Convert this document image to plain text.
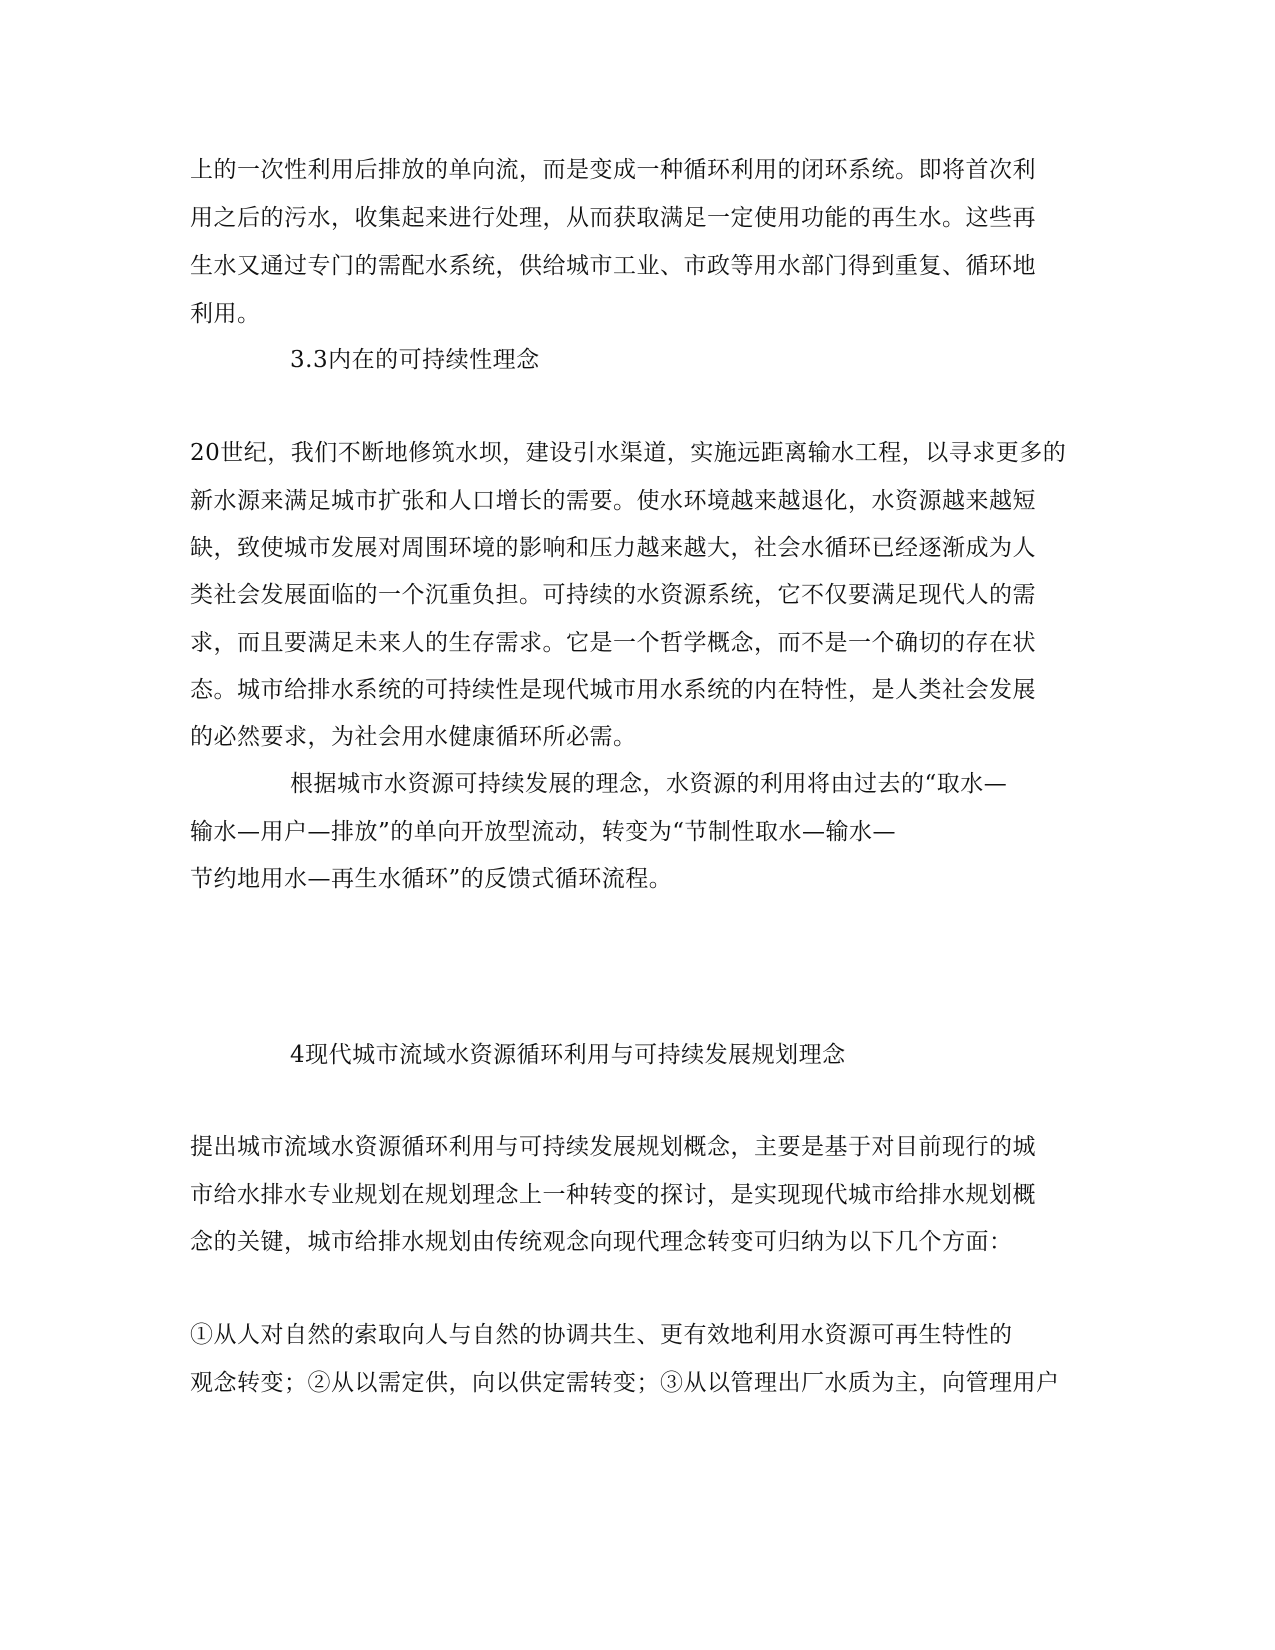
上的一次性利用后排放的单向流，而是变成一种循环利用的闭环系统。即将首次利
用之后的污水，收集起来进行处理，从而获取满足一定使用功能的再生水。这些再
生水又通过专门的需配水系统，供给城市工业、市政等用水部门得到重复、循环地
利用。
3.3内在的可持续性理念
20世纪，我们不断地修筑水坝，建设引水渠道，实施远距离输水工程，以寻求更多的
新水源来满足城市扩张和人口增长的需要。使水环境越来越退化，水资源越来越短
缺，致使城市发展对周围环境的影响和压力越来越大，社会水循环已经逐渐成为人
类社会发展面临的一个沉重负担。可持续的水资源系统，它不仅要满足现代人的需
求，而且要满足未来人的生存需求。它是一个哲学概念，而不是一个确切的存在状
态。城市给排水系统的可持续性是现代城市用水系统的内在特性，是人类社会发展
的必然要求，为社会用水健康循环所必需。
根据城市水资源可持续发展的理念，水资源的利用将由过去的“取水—
输水—用户—排放”的单向开放型流动，转变为“节制性取水—输水—
节约地用水—再生水循环”的反馈式循环流程。
4现代城市流域水资源循环利用与可持续发展规划理念
提出城市流域水资源循环利用与可持续发展规划概念，主要是基于对目前现行的城
市给水排水专业规划在规划理念上一种转变的探讨，是实现现代城市给排水规划概
念的关键，城市给排水规划由传统观念向现代理念转变可归纳为以下几个方面：
①从人对自然的索取向人与自然的协调共生、更有效地利用水资源可再生特性的
观念转变；②从以需定供，向以供定需转变；③从以管理出厂水质为主，向管理用户
